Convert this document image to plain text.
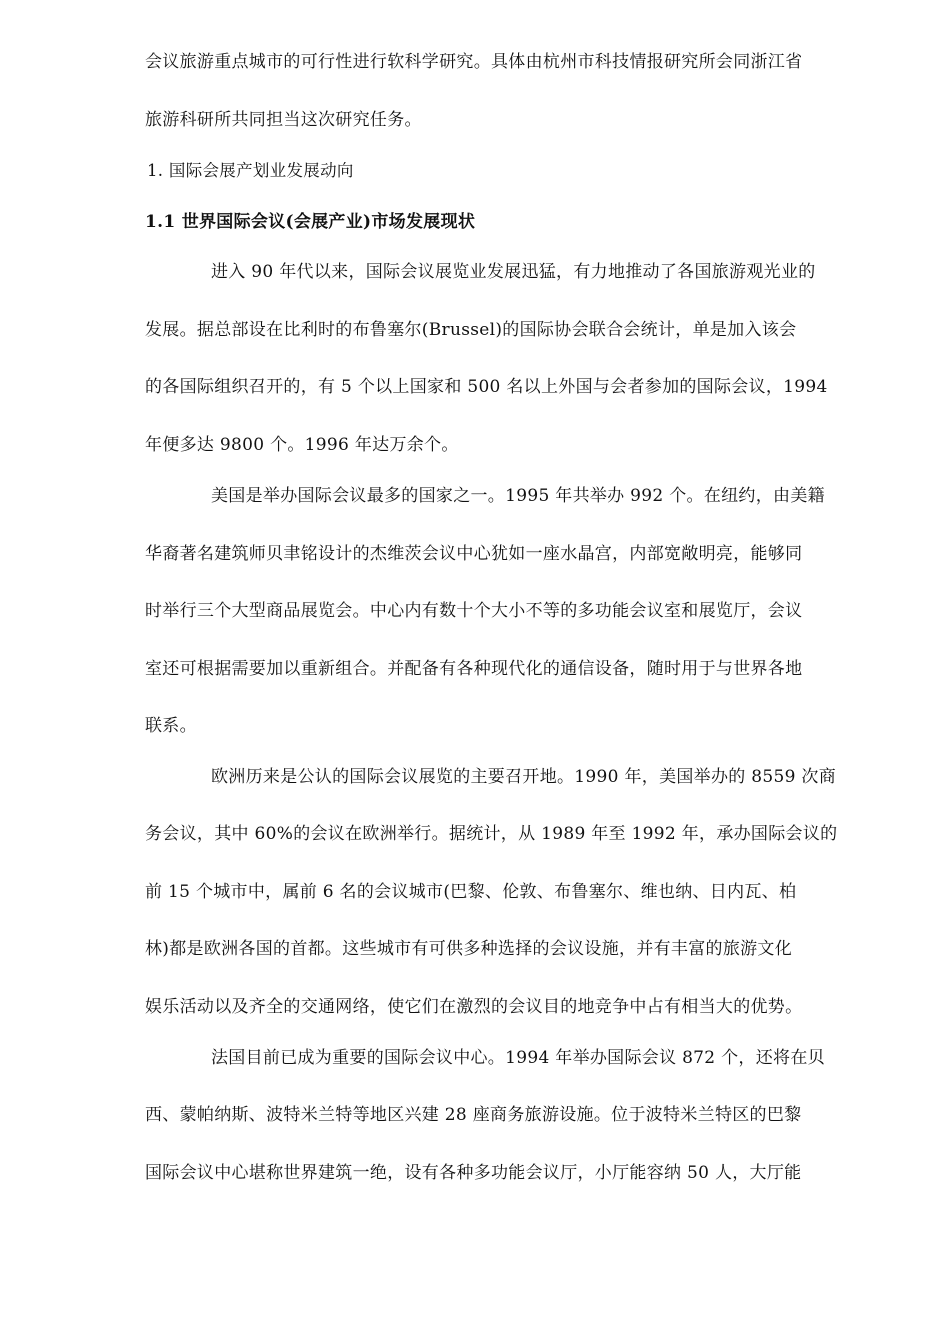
会议旅游重点城市的可行性进行软科学研究。具体由杭州市科技情报研究所会同浙江省
旅游科研所共同担当这次研究任务。
1. 国际会展产划业发展动向
1.1 世界国际会议(会展产业)市场发展现状
进入 90 年代以来，国际会议展览业发展迅猛，有力地推动了各国旅游观光业的
发展。据总部设在比利时的布鲁塞尔(Brussel)的国际协会联合会统计，单是加入该会
的各国际组织召开的，有 5 个以上国家和 500 名以上外国与会者参加的国际会议，1994
年便多达 9800 个。1996 年达万余个。
美国是举办国际会议最多的国家之一。1995 年共举办 992 个。在纽约，由美籍
华裔著名建筑师贝聿铭设计的杰维茨会议中心犹如一座水晶宫，内部宽敞明亮，能够同
时举行三个大型商品展览会。中心内有数十个大小不等的多功能会议室和展览厅，会议
室还可根据需要加以重新组合。并配备有各种现代化的通信设备，随时用于与世界各地
联系。
欧洲历来是公认的国际会议展览的主要召开地。1990 年，美国举办的 8559 次商
务会议，其中 60%的会议在欧洲举行。据统计，从 1989 年至 1992 年，承办国际会议的
前 15 个城市中，属前 6 名的会议城市(巴黎、伦敦、布鲁塞尔、维也纳、日内瓦、柏
林)都是欧洲各国的首都。这些城市有可供多种选择的会议设施，并有丰富的旅游文化
娱乐活动以及齐全的交通网络，使它们在激烈的会议目的地竞争中占有相当大的优势。
法国目前已成为重要的国际会议中心。1994 年举办国际会议 872 个，还将在贝
西、蒙帕纳斯、波特米兰特等地区兴建 28 座商务旅游设施。位于波特米兰特区的巴黎
国际会议中心堪称世界建筑一绝，设有各种多功能会议厅，小厅能容纳 50 人，大厅能
